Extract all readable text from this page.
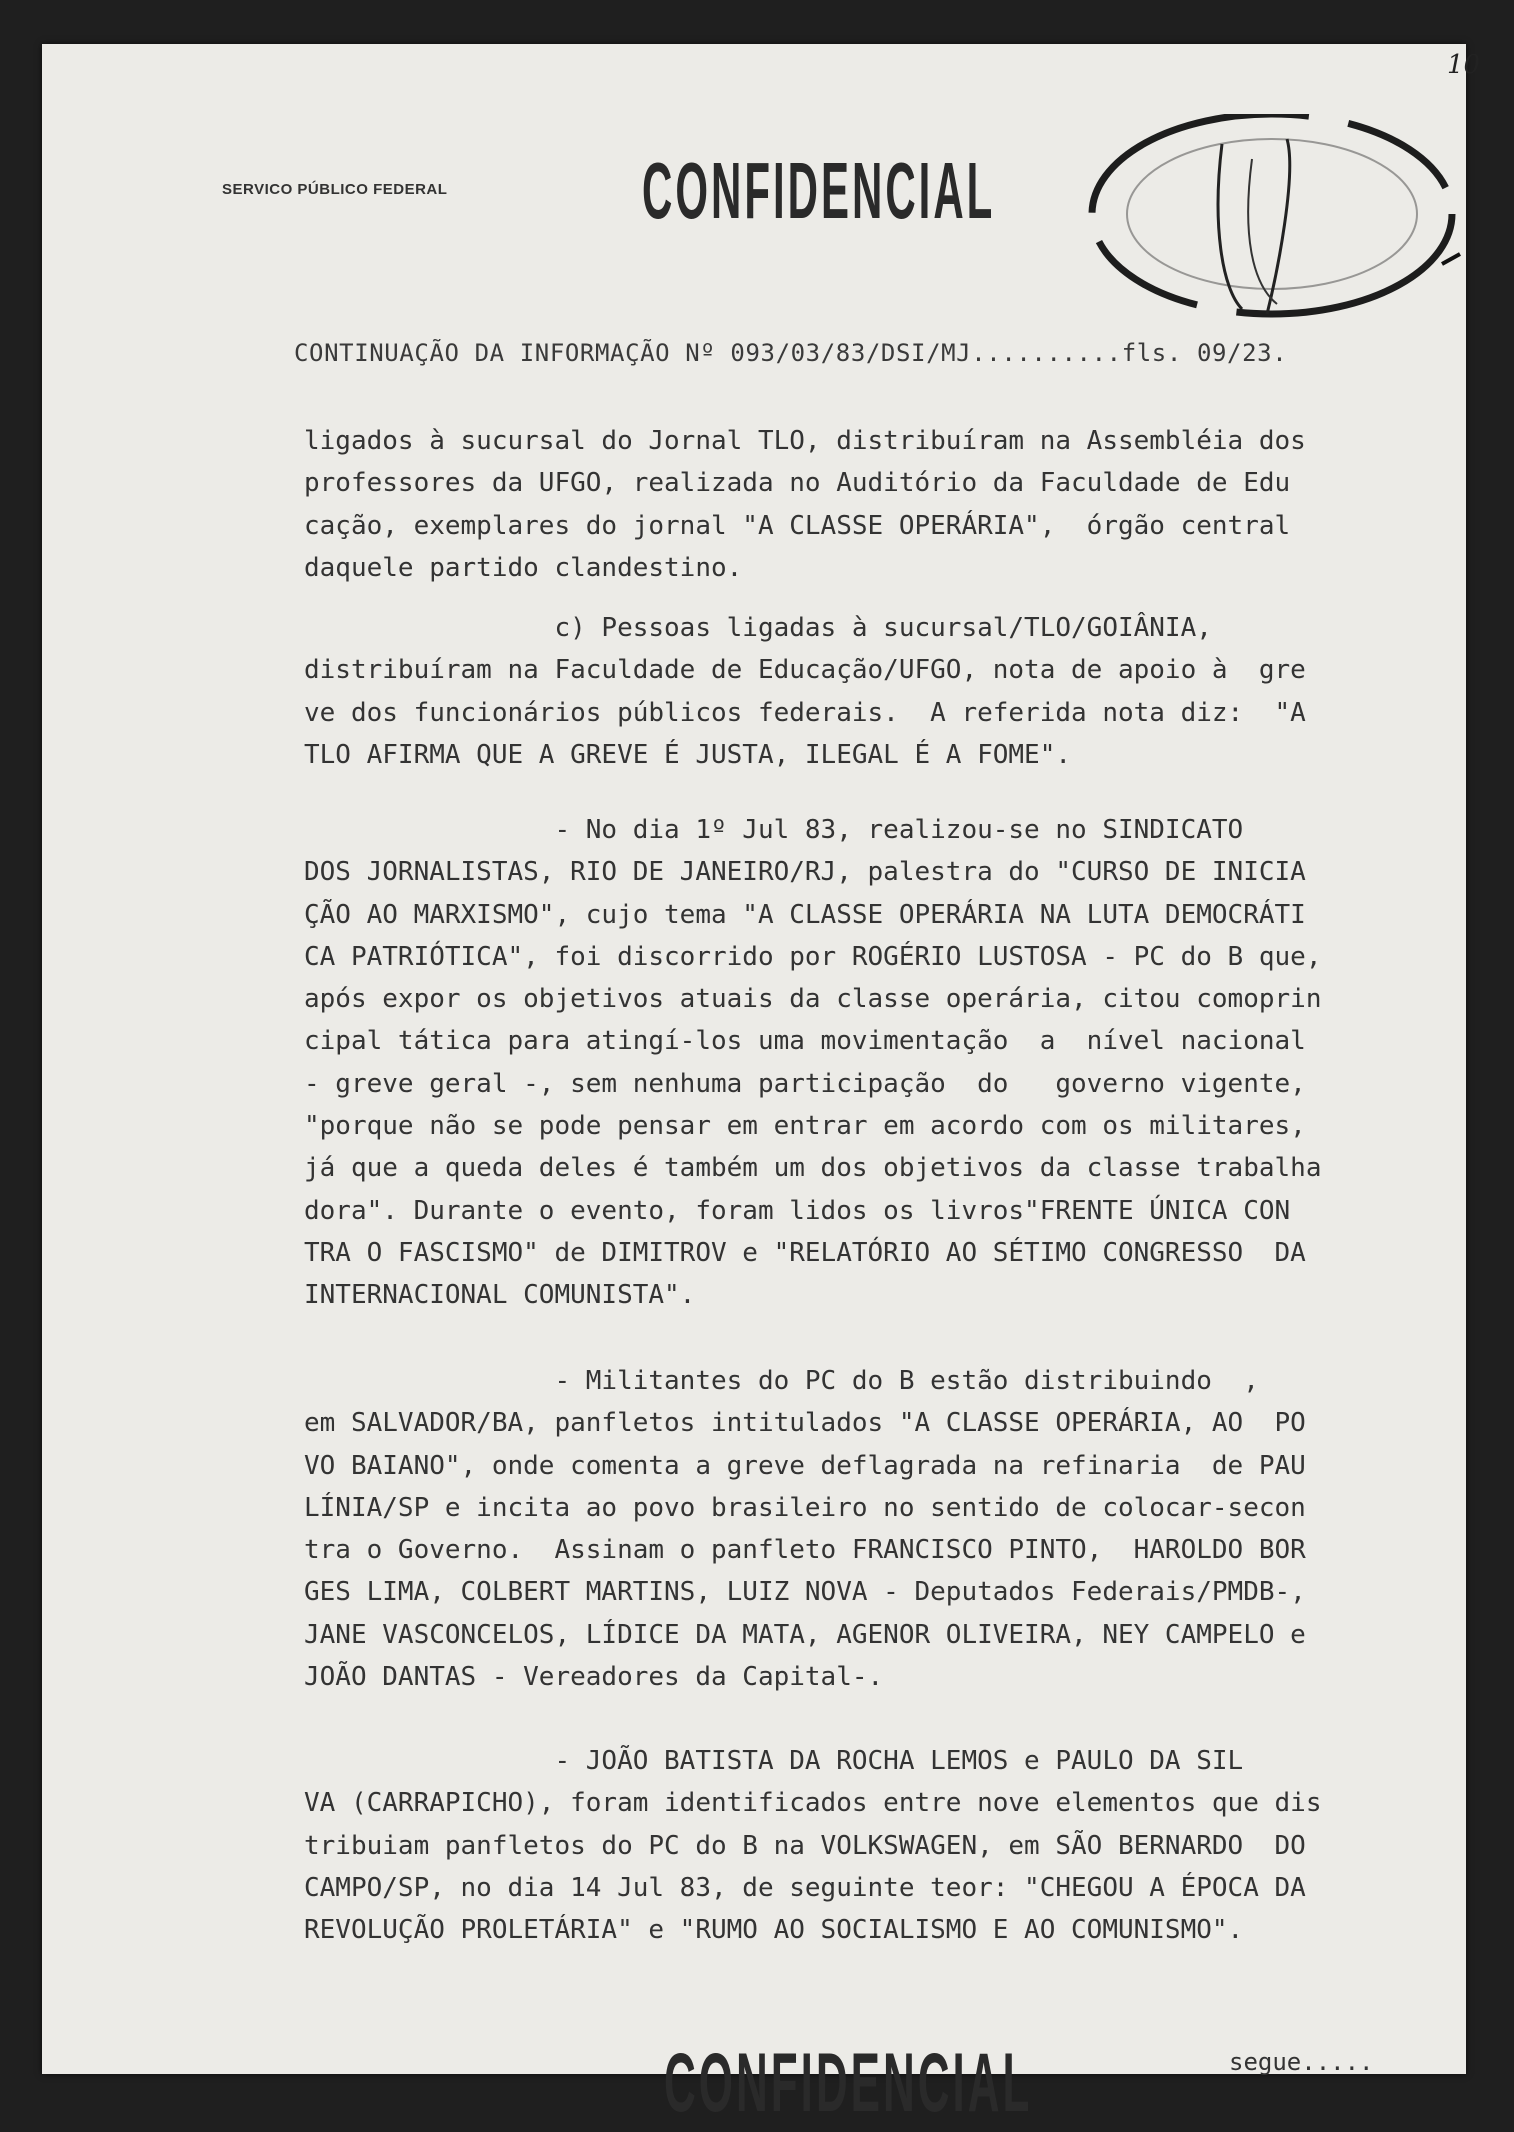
10
SERVICO PÚBLICO FEDERAL	CONFIDENCIAL
CONTINUAÇÃO DA INFORMAÇÃO Nº 093/03/83/DSI/MJ..........fls. 09/23.
ligados à sucursal do Jornal TLO, distribuíram na Assembléia dos
professores da UFGO, realizada no Auditório da Faculdade de Edu
cação, exemplares do jornal "A CLASSE OPERÁRIA",  órgão central
daquele partido clandestino.
c) Pessoas ligadas à sucursal/TLO/GOIÂNIA,
distribuíram na Faculdade de Educação/UFGO, nota de apoio à  gre
ve dos funcionários públicos federais.  A referida nota diz:  "A
TLO AFIRMA QUE A GREVE É JUSTA, ILEGAL É A FOME".
- No dia 1º Jul 83, realizou-se no SINDICATO
DOS JORNALISTAS, RIO DE JANEIRO/RJ, palestra do "CURSO DE INICIA
ÇÃO AO MARXISMO", cujo tema "A CLASSE OPERÁRIA NA LUTA DEMOCRÁTI
CA PATRIÓTICA", foi discorrido por ROGÉRIO LUSTOSA - PC do B que,
após expor os objetivos atuais da classe operária, citou comoprin
cipal tática para atingí-los uma movimentação  a  nível nacional
- greve geral -, sem nenhuma participação  do   governo vigente,
"porque não se pode pensar em entrar em acordo com os militares,
já que a queda deles é também um dos objetivos da classe trabalha
dora". Durante o evento, foram lidos os livros"FRENTE ÚNICA CON
TRA O FASCISMO" de DIMITROV e "RELATÓRIO AO SÉTIMO CONGRESSO  DA
INTERNACIONAL COMUNISTA".
- Militantes do PC do B estão distribuindo  ,
em SALVADOR/BA, panfletos intitulados "A CLASSE OPERÁRIA, AO  PO
VO BAIANO", onde comenta a greve deflagrada na refinaria  de PAU
LÍNIA/SP e incita ao povo brasileiro no sentido de colocar-secon
tra o Governo.  Assinam o panfleto FRANCISCO PINTO,  HAROLDO BOR
GES LIMA, COLBERT MARTINS, LUIZ NOVA - Deputados Federais/PMDB-,
JANE VASCONCELOS, LÍDICE DA MATA, AGENOR OLIVEIRA, NEY CAMPELO e
JOÃO DANTAS - Vereadores da Capital-.
- JOÃO BATISTA DA ROCHA LEMOS e PAULO DA SIL
VA (CARRAPICHO), foram identificados entre nove elementos que dis
tribuiam panfletos do PC do B na VOLKSWAGEN, em SÃO BERNARDO  DO
CAMPO/SP, no dia 14 Jul 83, de seguinte teor: "CHEGOU A ÉPOCA DA
REVOLUÇÃO PROLETÁRIA" e "RUMO AO SOCIALISMO E AO COMUNISMO".
CONFIDENCIAL	segue.....
